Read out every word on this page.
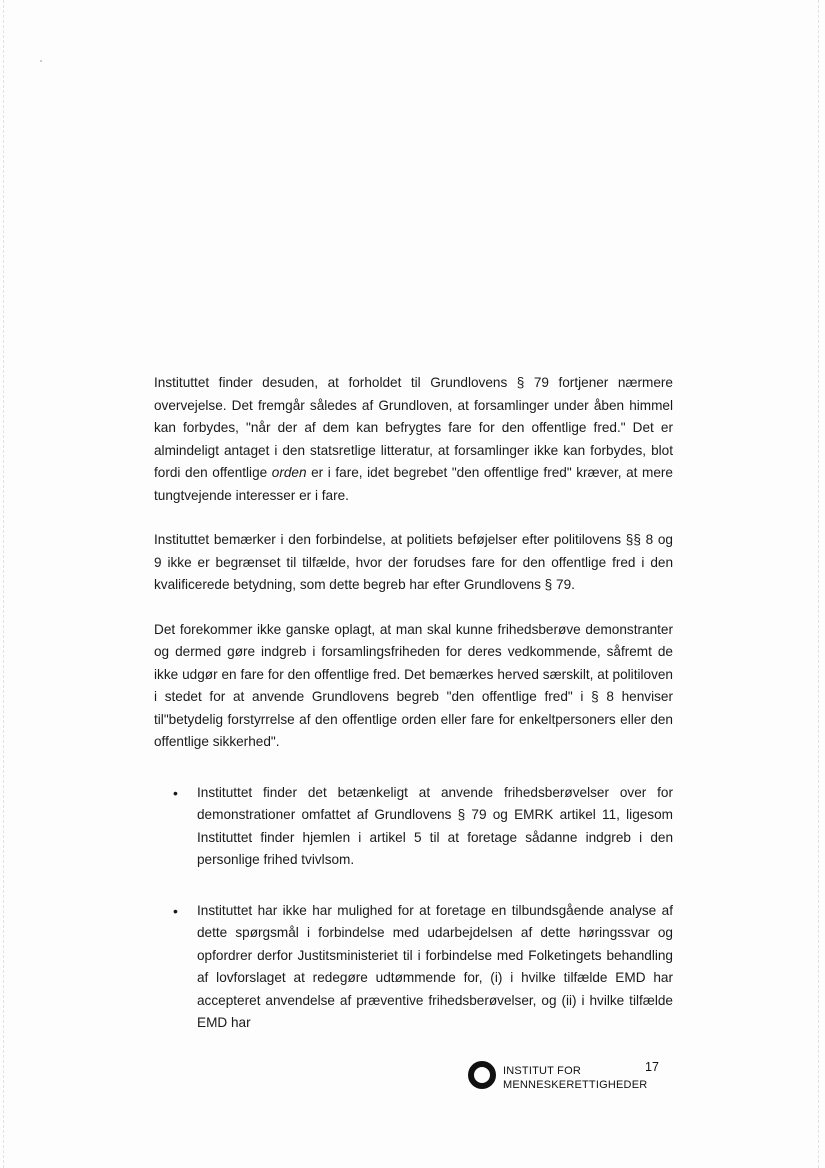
Instituttet finder desuden, at forholdet til Grundlovens § 79 fortjener nærmere overvejelse. Det fremgår således af Grundloven, at forsamlinger under åben himmel kan forbydes, "når der af dem kan befrygtes fare for den offentlige fred." Det er almindeligt antaget i den statsretlige litteratur, at forsamlinger ikke kan forbydes, blot fordi den offentlige orden er i fare, idet begrebet "den offentlige fred" kræver, at mere tungtvejende interesser er i fare.

Instituttet bemærker i den forbindelse, at politiets beføjelser efter politilovens §§ 8 og 9 ikke er begrænset til tilfælde, hvor der forudses fare for den offentlige fred i den kvalificerede betydning, som dette begreb har efter Grundlovens § 79.

Det forekommer ikke ganske oplagt, at man skal kunne frihedsberøve demonstranter og dermed gøre indgreb i forsamlingsfriheden for deres vedkommende, såfremt de ikke udgør en fare for den offentlige fred. Det bemærkes herved særskilt, at politiloven i stedet for at anvende Grundlovens begreb "den offentlige fred" i § 8 henviser til"betydelig forstyrrelse af den offentlige orden eller fare for enkeltpersoners eller den offentlige sikkerhed".

• Instituttet finder det betænkeligt at anvende frihedsberøvelser over for demonstrationer omfattet af Grundlovens § 79 og EMRK artikel 11, ligesom Instituttet finder hjemlen i artikel 5 til at foretage sådanne indgreb i den personlige frihed tvivlsom.
• Instituttet har ikke har mulighed for at foretage en tilbundsgående analyse af dette spørgsmål i forbindelse med udarbejdelsen af dette høringssvar og opfordrer derfor Justitsministeriet til i forbindelse med Folketingets behandling af lovforslaget at redegøre udtømmende for, (i) i hvilke tilfælde EMD har accepteret anvendelse af præventive frihedsberøvelser, og (ii) i hvilke tilfælde EMD har
INSTITUT FOR
MENNESKERETTIGHEDER
17
